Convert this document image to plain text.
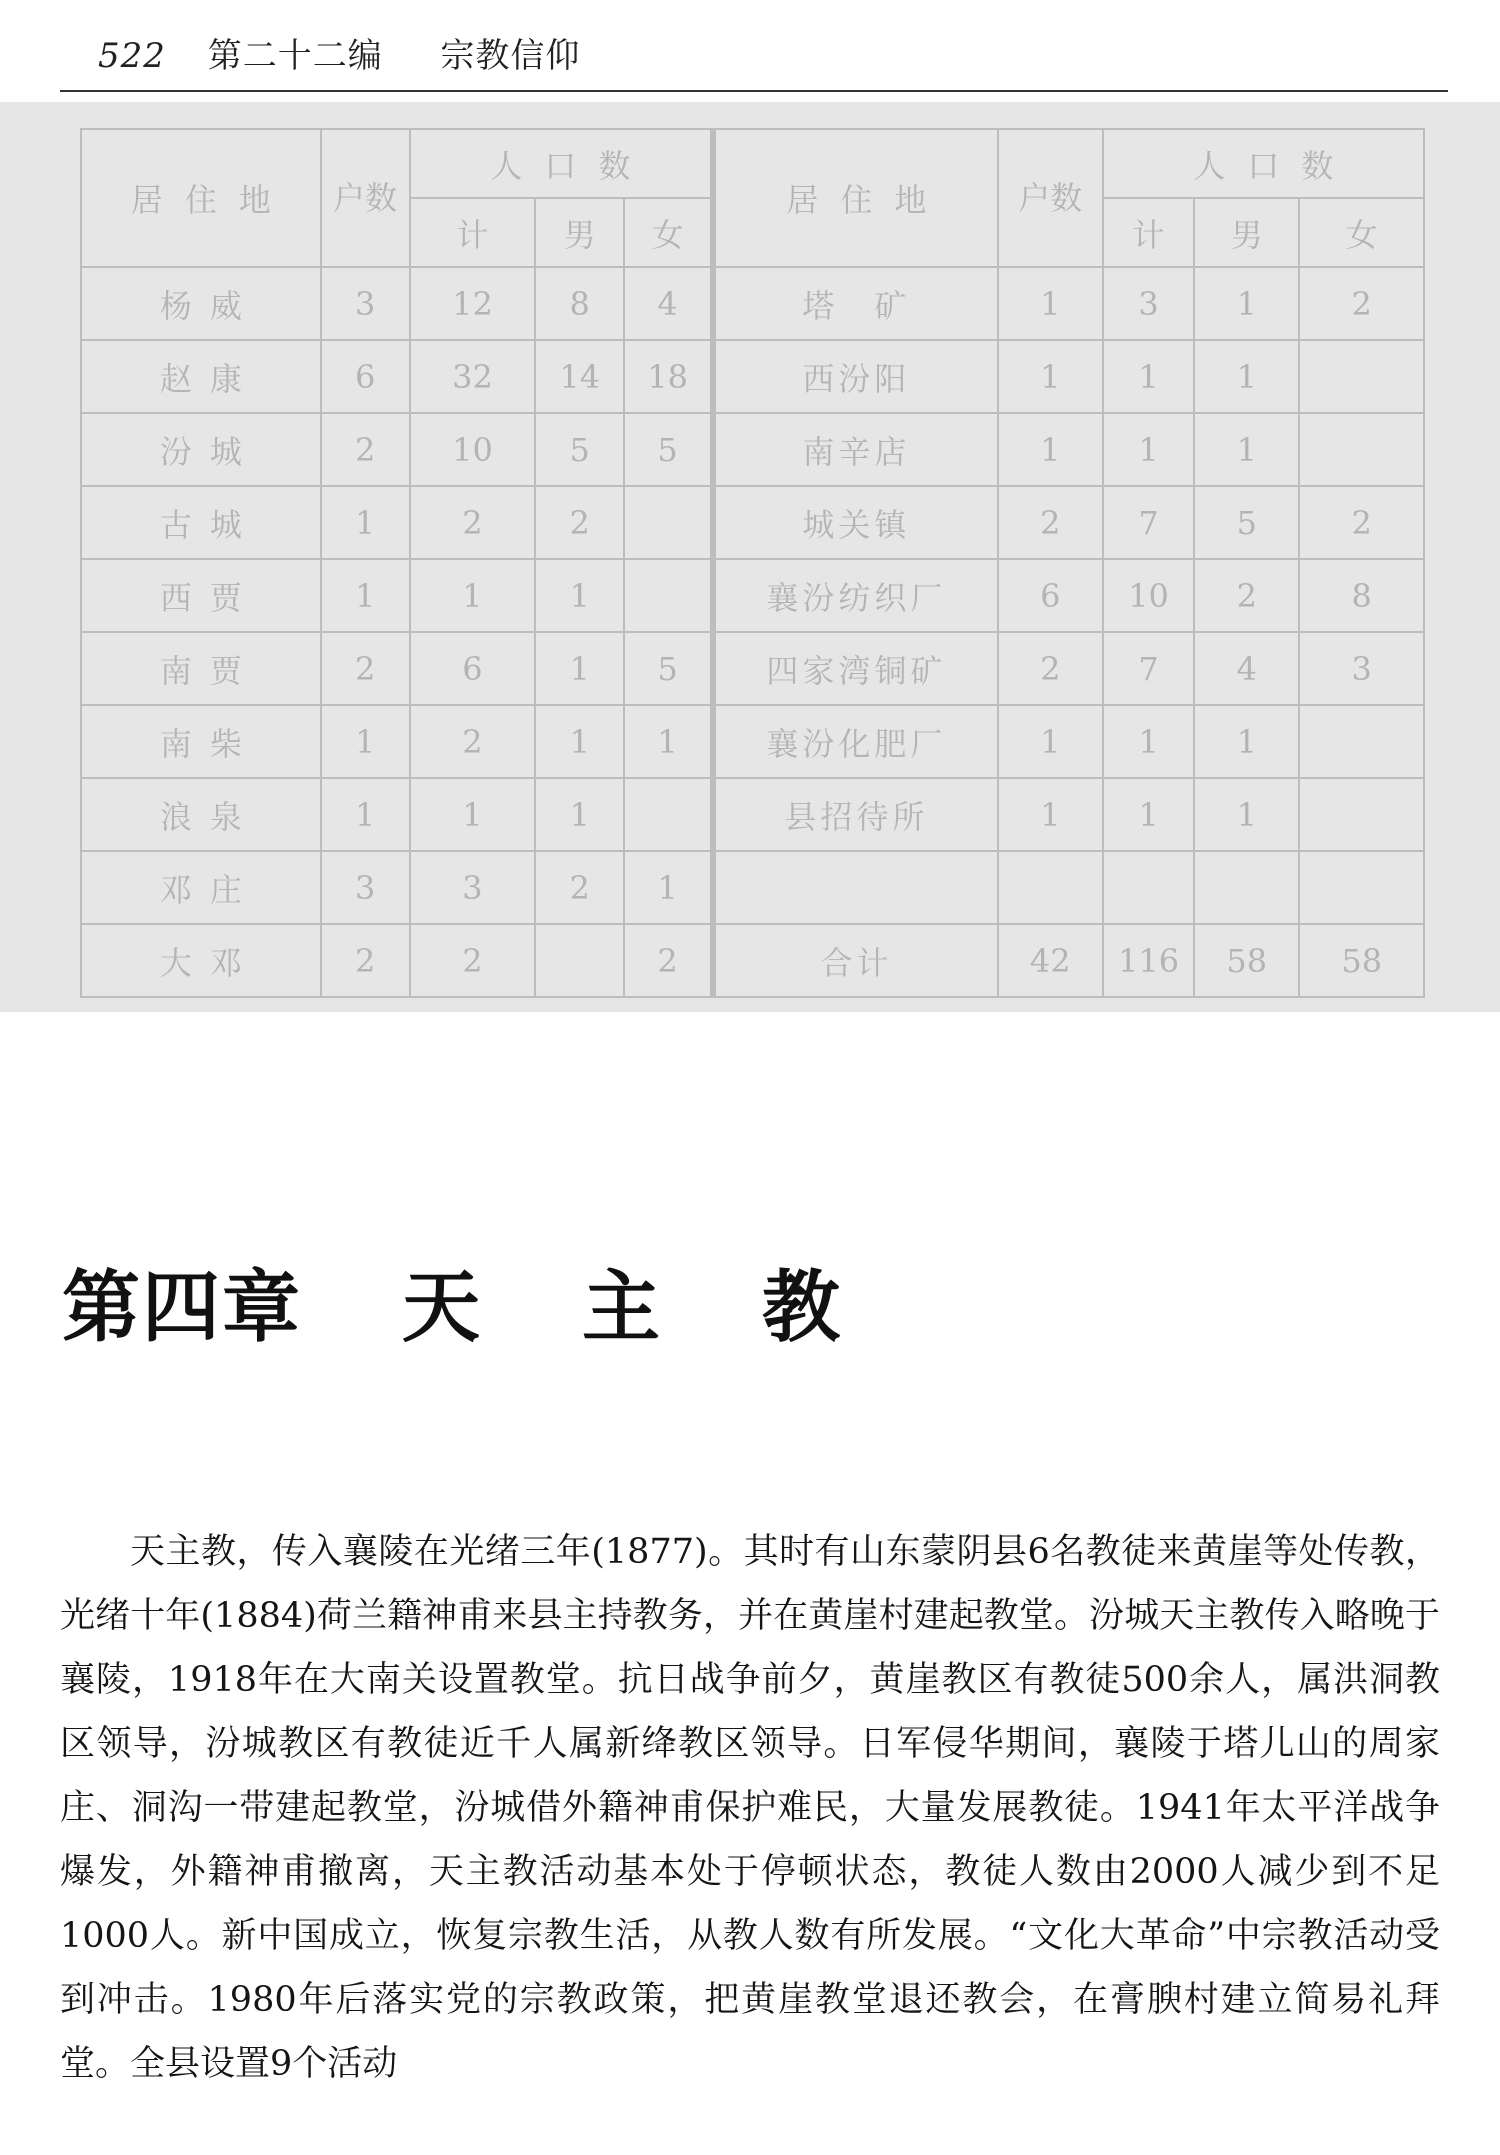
522 第二十二编 宗教信仰
居住地	户数	人口数		
		计	男	女
杨威	3	12	8	4
赵康	6	32	14	18
汾城	2	10	5	5
古城	1	2	2	
西贾	1	1	1	
南贾	2	6	1	5
南柴	1	2	1	1
浪泉	1	1	1	
邓庄	3	3	2	1
大邓	2	2		2
居住地	户数	人口数		
		计	男	女
塔　矿	1	3	1	2
西汾阳	1	1	1	
南辛店	1	1	1	
城关镇	2	7	5	2
襄汾纺织厂	6	10	2	8
四家湾铜矿	2	7	4	3
襄汾化肥厂	1	1	1	
县招待所	1	1	1	

合计	42	116	58	58
第四章 天 主 教

天主教，传入襄陵在光绪三年(1877)。其时有山东蒙阴县6名教徒来黄崖等处传教，光绪十年(1884)荷兰籍神甫来县主持教务，并在黄崖村建起教堂。汾城天主教传入略晚于襄陵，1918年在大南关设置教堂。抗日战争前夕，黄崖教区有教徒500余人，属洪洞教区领导，汾城教区有教徒近千人属新绛教区领导。日军侵华期间，襄陵于塔儿山的周家庄、洞沟一带建起教堂，汾城借外籍神甫保护难民，大量发展教徒。1941年太平洋战争爆发，外籍神甫撤离，天主教活动基本处于停顿状态，教徒人数由2000人减少到不足1000人。新中国成立，恢复宗教生活，从教人数有所发展。“文化大革命”中宗教活动受到冲击。1980年后落实党的宗教政策，把黄崖教堂退还教会，在膏腴村建立简易礼拜堂。全县设置9个活动
